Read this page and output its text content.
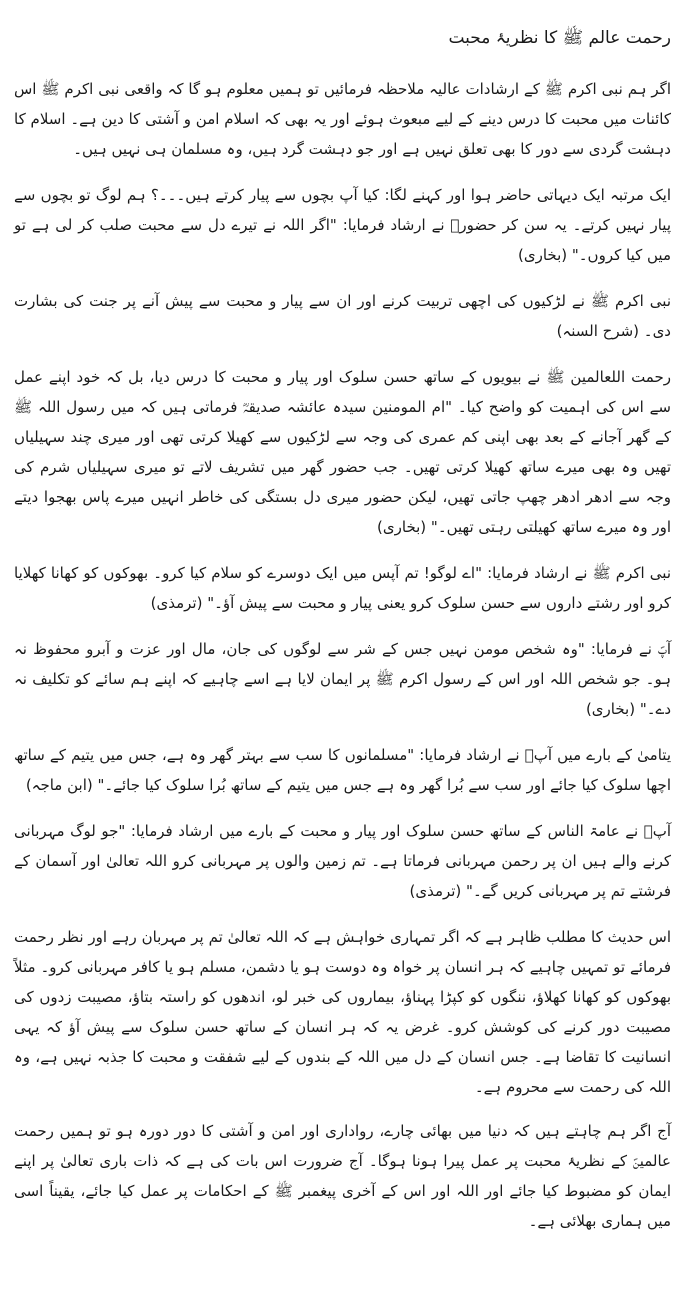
رحمت عالم ﷺ کا نظریۂ محبت

اگر ہم نبی اکرم ﷺ کے ارشادات عالیہ ملاحظہ فرمائیں تو ہمیں معلوم ہو گا کہ واقعی نبی اکرم ﷺ اس کائنات میں محبت کا درس دینے کے لیے مبعوث ہوئے اور یہ بھی کہ اسلام امن و آشتی کا دین ہے۔ اسلام کا دہشت گردی سے دور کا بھی تعلق نہیں ہے اور جو دہشت گرد ہیں، وہ مسلمان ہی نہیں ہیں۔

ایک مرتبہ ایک دیہاتی حاضر ہوا اور کہنے لگا: کیا آپ بچوں سے پیار کرتے ہیں۔۔۔؟ ہم لوگ تو بچوں سے پیار نہیں کرتے۔ یہ سن کر حضورؐ نے ارشاد فرمایا: "اگر اللہ نے تیرے دل سے محبت صلب کر لی ہے تو میں کیا کروں۔" (بخاری)

نبی اکرم ﷺ نے لڑکیوں کی اچھی تربیت کرنے اور ان سے پیار و محبت سے پیش آنے پر جنت کی بشارت دی۔ (شرح السنہ)

رحمت اللعالمین ﷺ نے بیویوں کے ساتھ حسن سلوک اور پیار و محبت کا درس دیا، بل کہ خود اپنے عمل سے اس کی اہمیت کو واضح کیا۔ "ام المومنین سیدہ عائشہ صدیقہؓ فرماتی ہیں کہ میں رسول اللہ ﷺ کے گھر آجانے کے بعد بھی اپنی کم عمری کی وجہ سے لڑکیوں سے کھیلا کرتی تھی اور میری چند سہیلیاں تھیں وہ بھی میرے ساتھ کھیلا کرتی تھیں۔ جب حضور گھر میں تشریف لاتے تو میری سہیلیاں شرم کی وجہ سے ادھر ادھر چھپ جاتی تھیں، لیکن حضور میری دل بستگی کی خاطر انہیں میرے پاس بھجوا دیتے اور وہ میرے ساتھ کھیلتی رہتی تھیں۔" (بخاری)

نبی اکرم ﷺ نے ارشاد فرمایا: "اے لوگو! تم آپس میں ایک دوسرے کو سلام کیا کرو۔ بھوکوں کو کھانا کھلایا کرو اور رشتے داروں سے حسن سلوک کرو یعنی پیار و محبت سے پیش آؤ۔" (ترمذی)

آپؐ نے فرمایا: "وہ شخص مومن نہیں جس کے شر سے لوگوں کی جان، مال اور عزت و آبرو محفوظ نہ ہو۔ جو شخص اللہ اور اس کے رسول اکرم ﷺ پر ایمان لایا ہے اسے چاہیے کہ اپنے ہم سائے کو تکلیف نہ دے۔" (بخاری)

یتامیٰ کے بارے میں آپؐ نے ارشاد فرمایا: "مسلمانوں کا سب سے بہتر گھر وہ ہے، جس میں یتیم کے ساتھ اچھا سلوک کیا جائے اور سب سے بُرا گھر وہ ہے جس میں یتیم کے ساتھ بُرا سلوک کیا جائے۔" (ابن ماجہ)

آپؐ نے عامۃ الناس کے ساتھ حسن سلوک اور پیار و محبت کے بارے میں ارشاد فرمایا: "جو لوگ مہربانی کرنے والے ہیں ان پر رحمن مہربانی فرماتا ہے۔ تم زمین والوں پر مہربانی کرو اللہ تعالیٰ اور آسمان کے فرشتے تم پر مہربانی کریں گے۔" (ترمذی)

اس حدیث کا مطلب ظاہر ہے کہ اگر تمہاری خواہش ہے کہ اللہ تعالیٰ تم پر مہربان رہے اور نظر رحمت فرمائے تو تمہیں چاہیے کہ ہر انسان پر خواہ وہ دوست ہو یا دشمن، مسلم ہو یا کافر مہربانی کرو۔ مثلاً بھوکوں کو کھانا کھلاؤ، ننگوں کو کپڑا پہناؤ، بیماروں کی خبر لو، اندھوں کو راستہ بتاؤ، مصیبت زدوں کی مصیبت دور کرنے کی کوشش کرو۔ غرض یہ کہ ہر انسان کے ساتھ حسن سلوک سے پیش آؤ کہ یہی انسانیت کا تقاضا ہے۔ جس انسان کے دل میں اللہ کے بندوں کے لیے شفقت و محبت کا جذبہ نہیں ہے، وہ اللہ کی رحمت سے محروم ہے۔

آج اگر ہم چاہتے ہیں کہ دنیا میں بھائی چارے، رواداری اور امن و آشتی کا دور دورہ ہو تو ہمیں رحمت عالمینؐ کے نظریۂ محبت پر عمل پیرا ہونا ہوگا۔ آج ضرورت اس بات کی ہے کہ ذات باری تعالیٰ پر اپنے ایمان کو مضبوط کیا جائے اور اللہ اور اس کے آخری پیغمبر ﷺ کے احکامات پر عمل کیا جائے، یقیناً اسی میں ہماری بھلائی ہے۔
